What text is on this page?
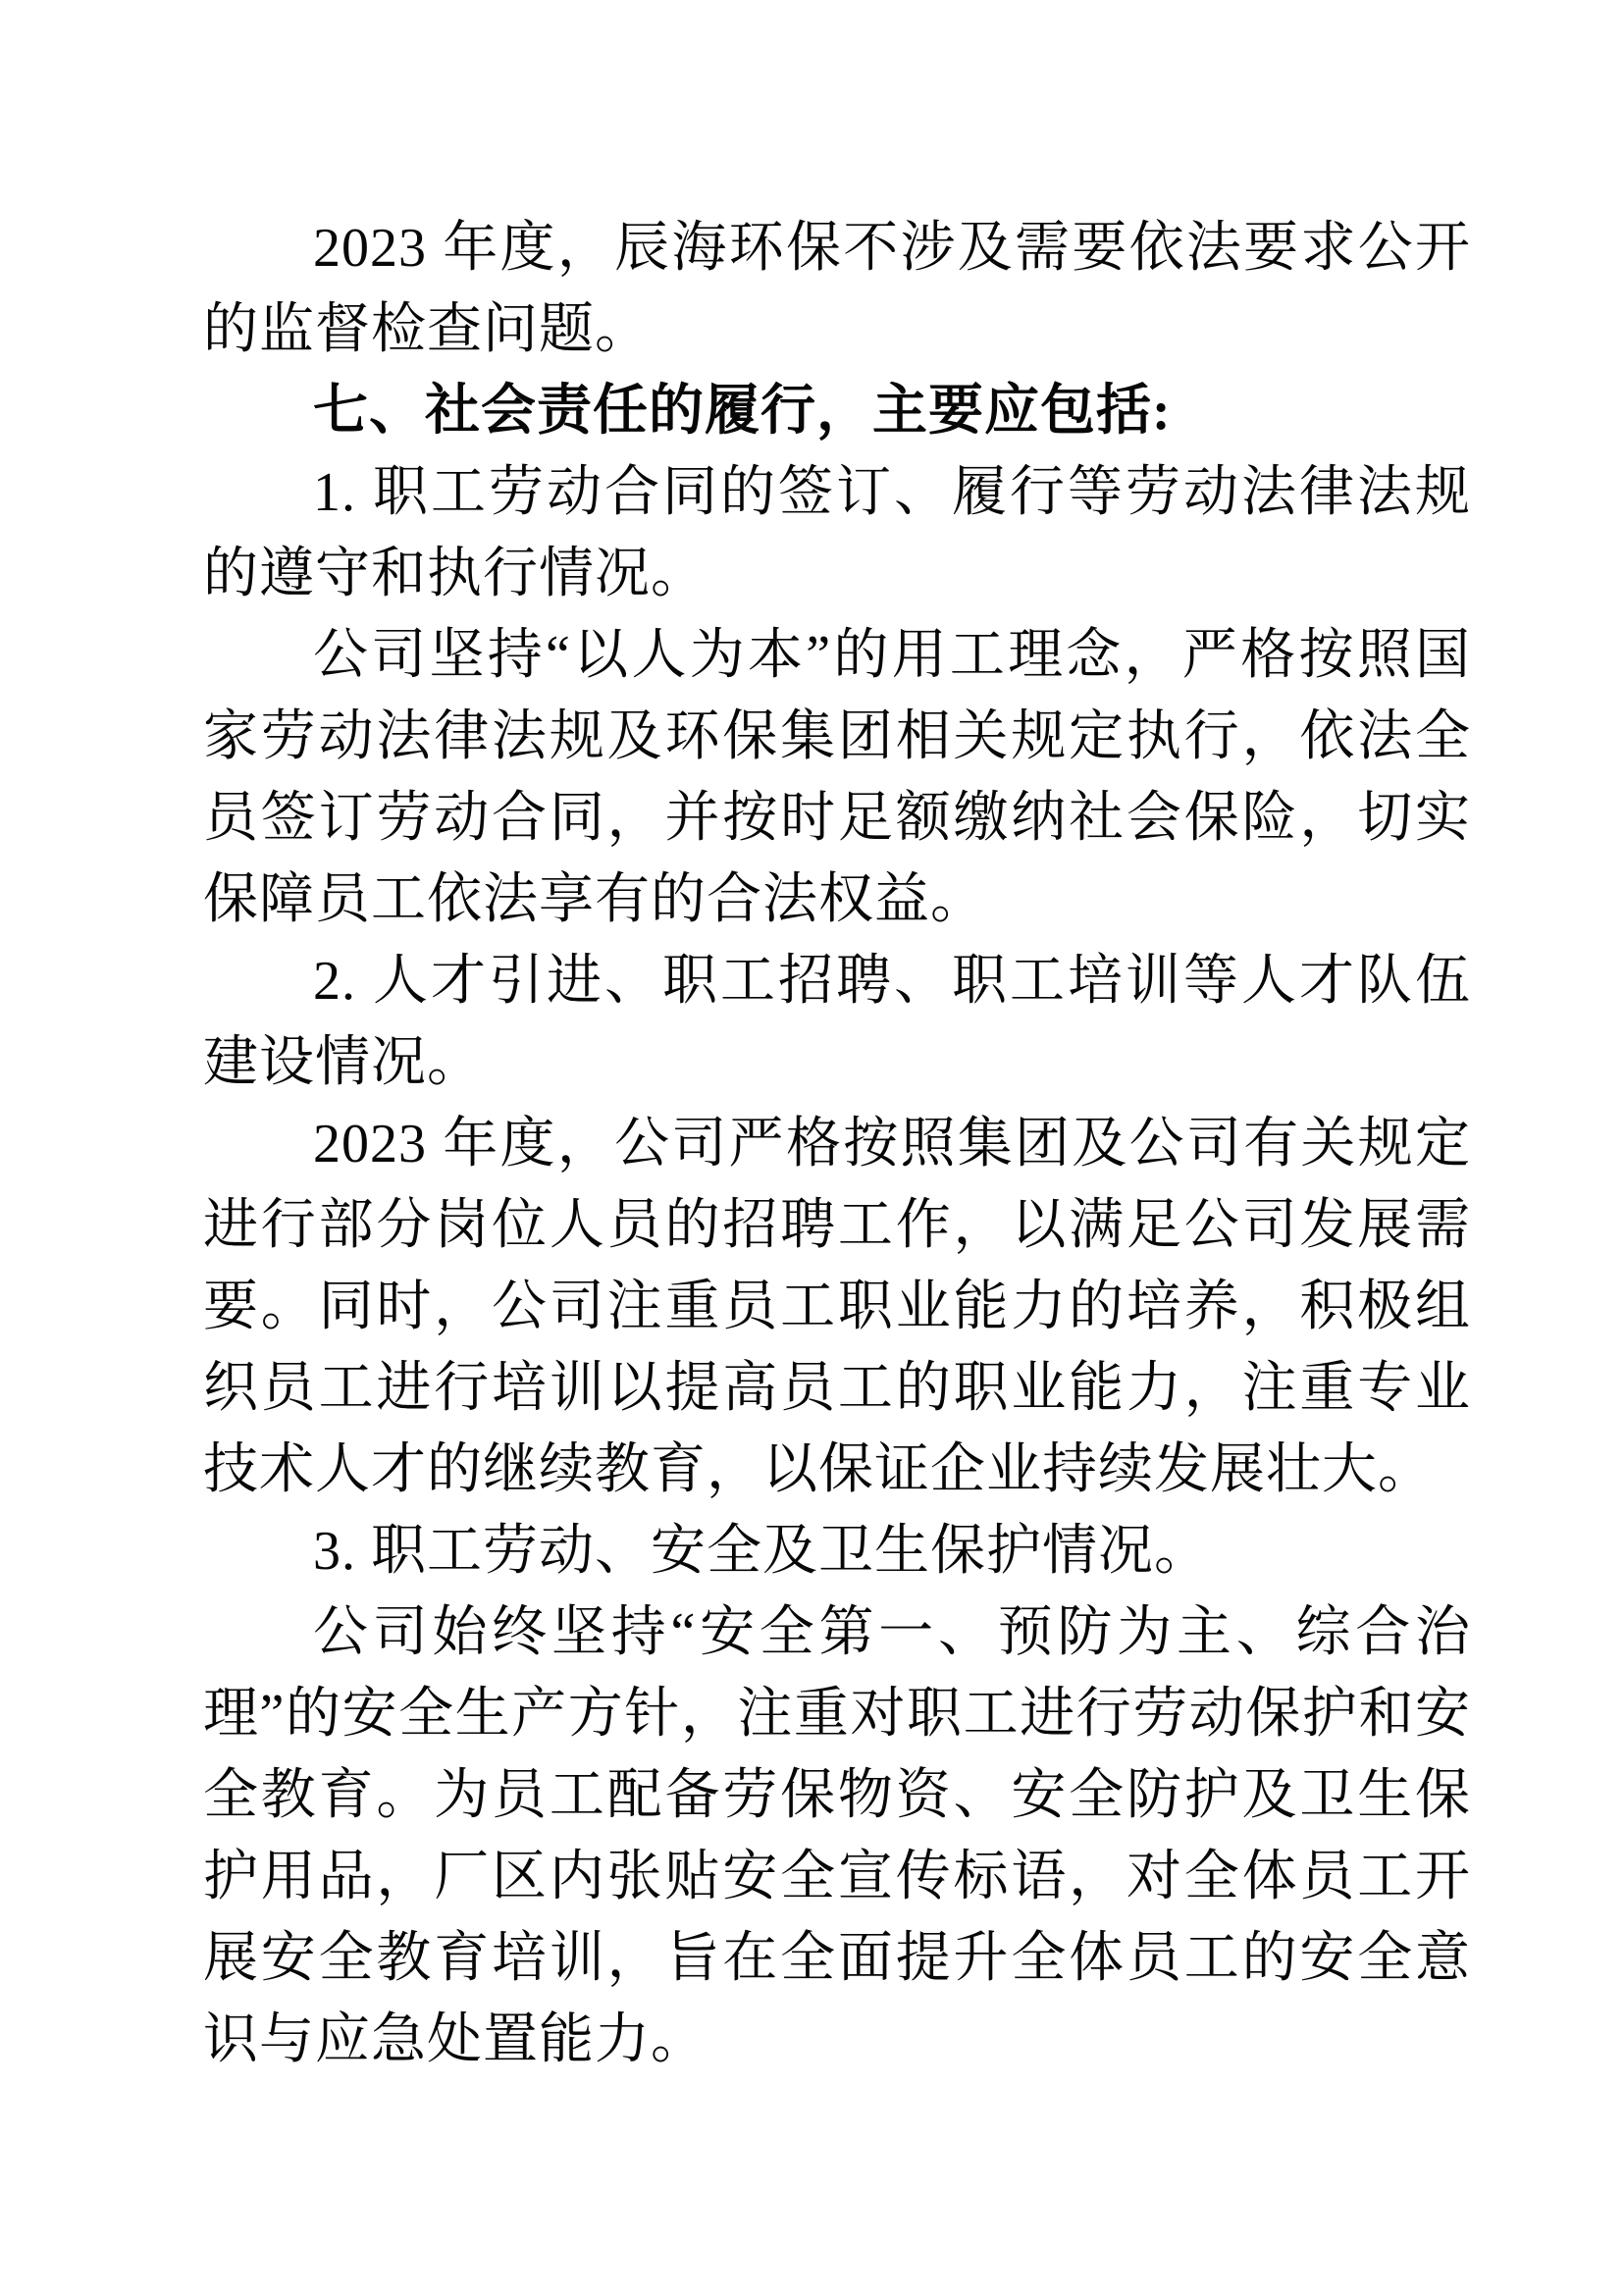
2023 年度，辰海环保不涉及需要依法要求公开的监督检查问题。

七、社会责任的履行，主要应包括:

1. 职工劳动合同的签订、履行等劳动法律法规的遵守和执行情况。

公司坚持“以人为本”的用工理念，严格按照国家劳动法律法规及环保集团相关规定执行，依法全员签订劳动合同，并按时足额缴纳社会保险，切实保障员工依法享有的合法权益。

2. 人才引进、职工招聘、职工培训等人才队伍建设情况。

2023 年度，公司严格按照集团及公司有关规定进行部分岗位人员的招聘工作，以满足公司发展需要。同时，公司注重员工职业能力的培养，积极组织员工进行培训以提高员工的职业能力，注重专业技术人才的继续教育，以保证企业持续发展壮大。

3. 职工劳动、安全及卫生保护情况。

公司始终坚持“安全第一、预防为主、综合治理”的安全生产方针，注重对职工进行劳动保护和安全教育。为员工配备劳保物资、安全防护及卫生保护用品，厂区内张贴安全宣传标语，对全体员工开展安全教育培训，旨在全面提升全体员工的安全意识与应急处置能力。
